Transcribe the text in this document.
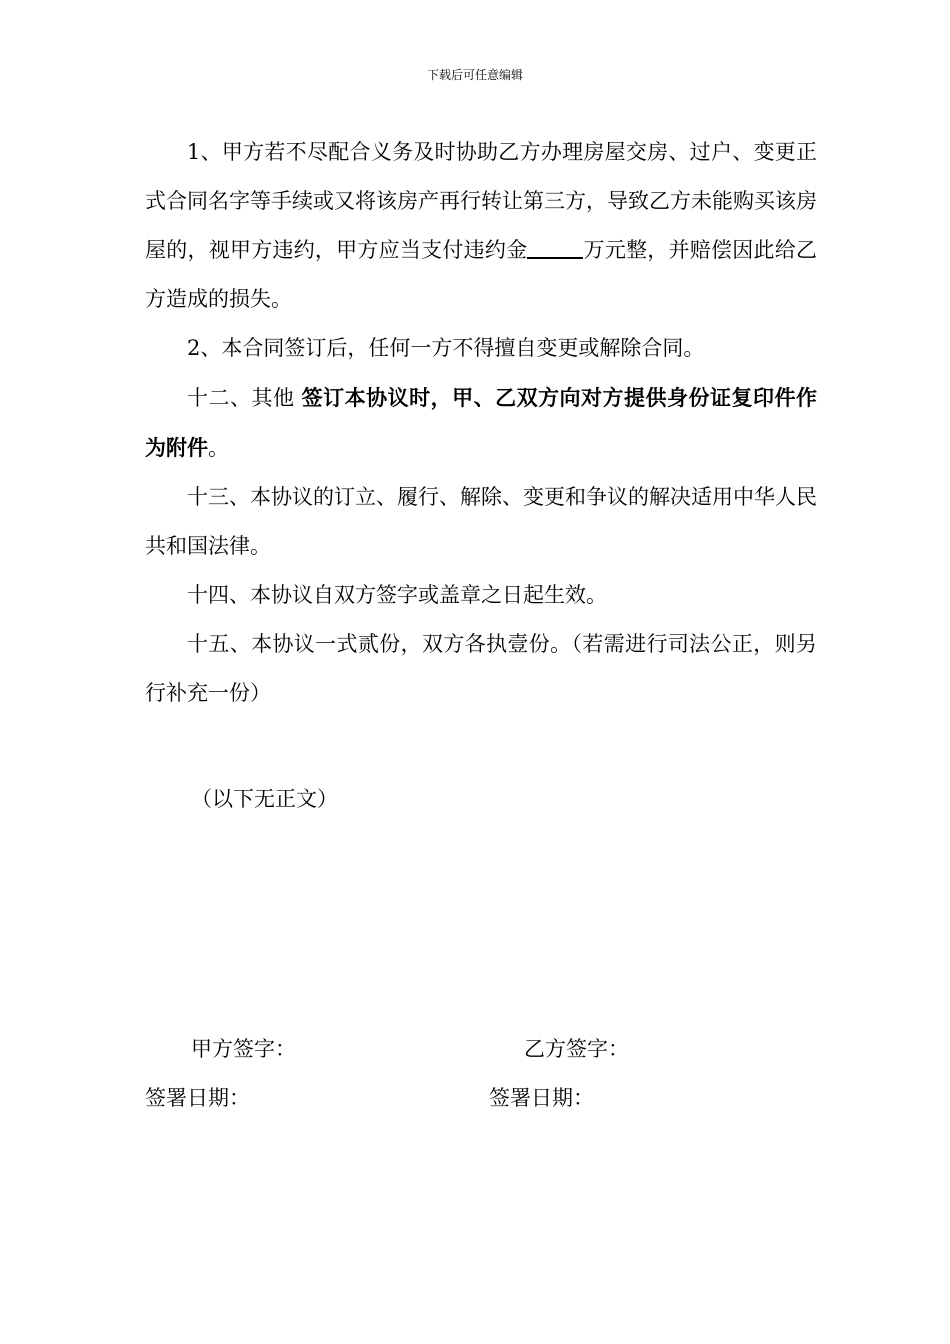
下载后可任意编辑

1、甲方若不尽配合义务及时协助乙方办理房屋交房、过户、变更正式合同名字等手续或又将该房产再行转让第三方，导致乙方未能购买该房屋的，视甲方违约，甲方应当支付违约金	万元整，并赔偿因此给乙方造成的损失。

2、本合同签订后，任何一方不得擅自变更或解除合同。

十二、其他 签订本协议时，甲、乙双方向对方提供身份证复印件作为附件。

十三、本协议的订立、履行、解除、变更和争议的解决适用中华人民共和国法律。

十四、本协议自双方签字或盖章之日起生效。

十五、本协议一式贰份，双方各执壹份。（若需进行司法公正，则另行补充一份）

（以下无正文）
甲方签字：	乙方签字：
签署日期：	签署日期：
